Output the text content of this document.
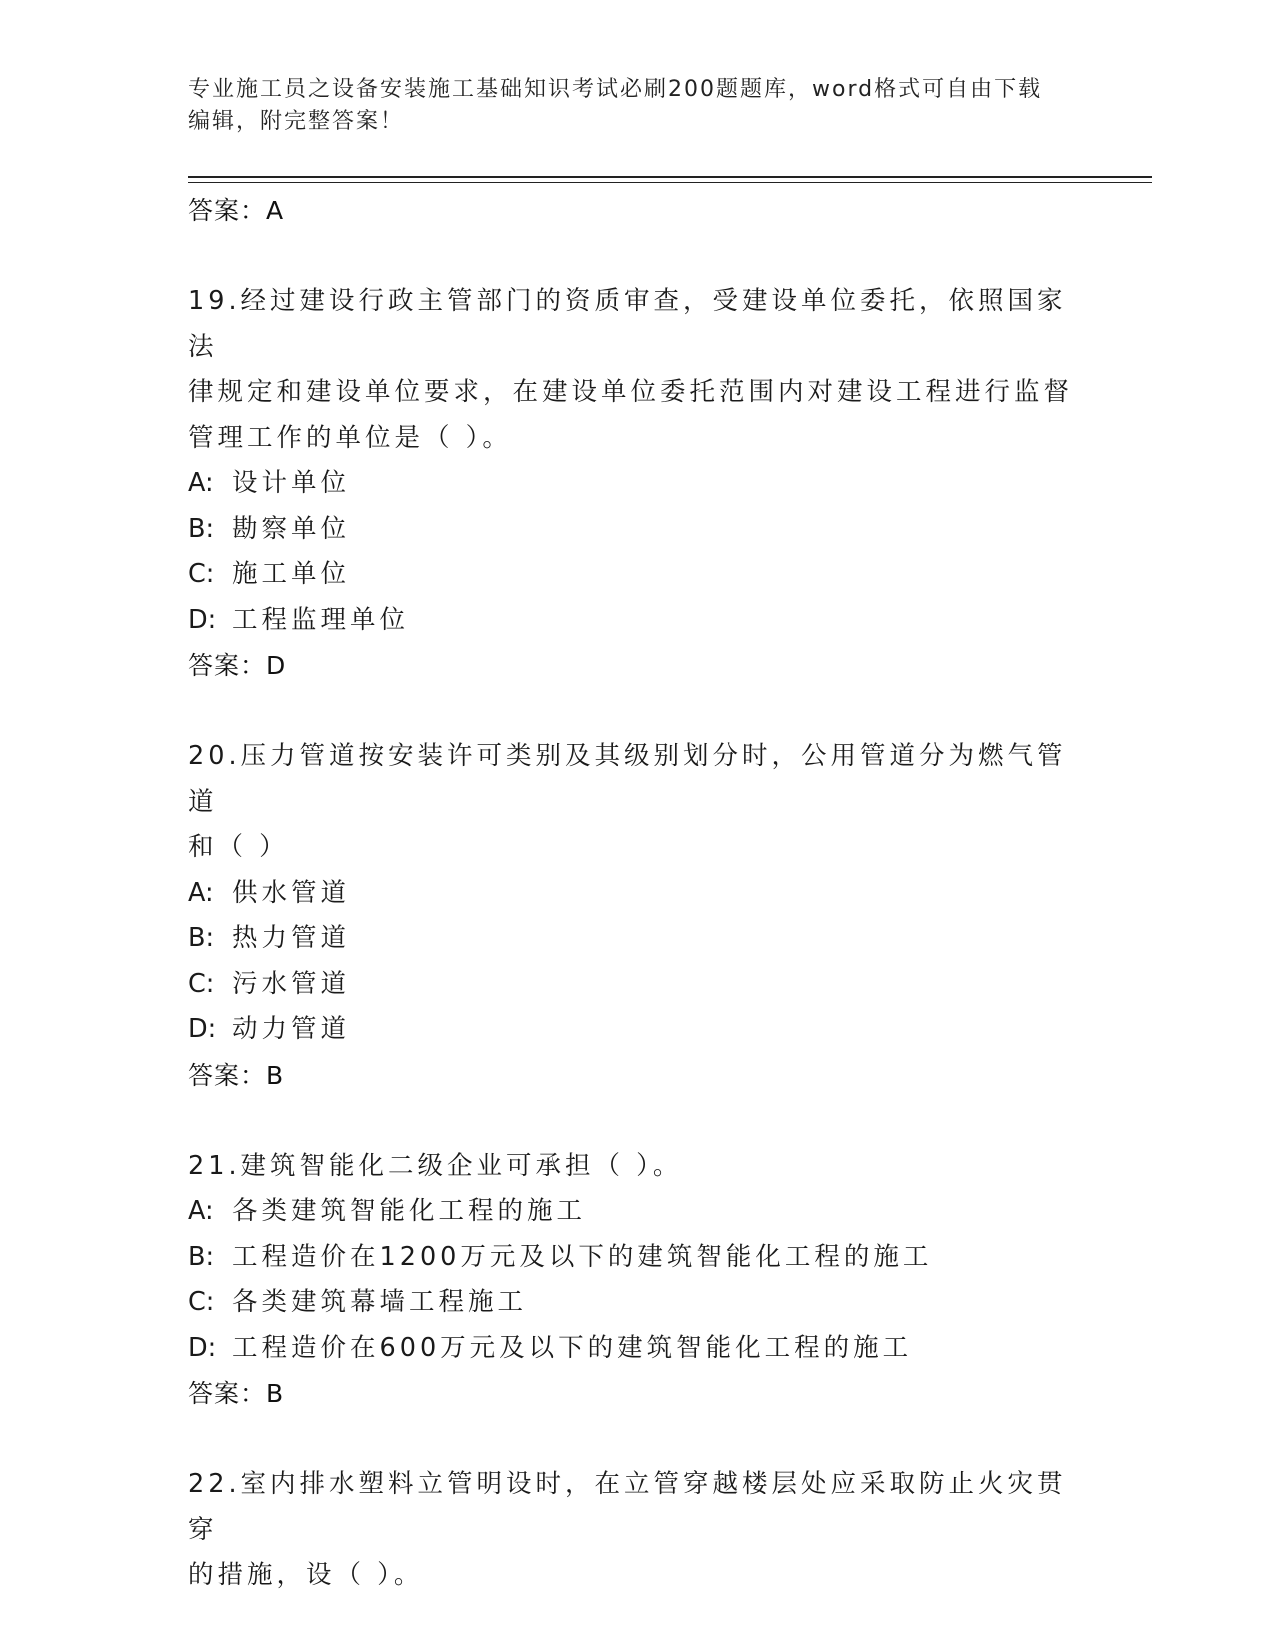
专业施工员之设备安装施工基础知识考试必刷200题题库，word格式可自由下载
编辑，附完整答案！
答案：A
19.经过建设行政主管部门的资质审查，受建设单位委托，依照国家法
律规定和建设单位要求，在建设单位委托范围内对建设工程进行监督
管理工作的单位是（ ）。
A: 设计单位
B: 勘察单位
C: 施工单位
D: 工程监理单位
答案：D
20.压力管道按安装许可类别及其级别划分时，公用管道分为燃气管道
和（ ）
A: 供水管道
B: 热力管道
C: 污水管道
D: 动力管道
答案：B
21.建筑智能化二级企业可承担（ ）。
A: 各类建筑智能化工程的施工
B: 工程造价在1200万元及以下的建筑智能化工程的施工
C: 各类建筑幕墙工程施工
D: 工程造价在600万元及以下的建筑智能化工程的施工
答案：B
22.室内排水塑料立管明设时，在立管穿越楼层处应采取防止火灾贯穿
的措施，设（ ）。
